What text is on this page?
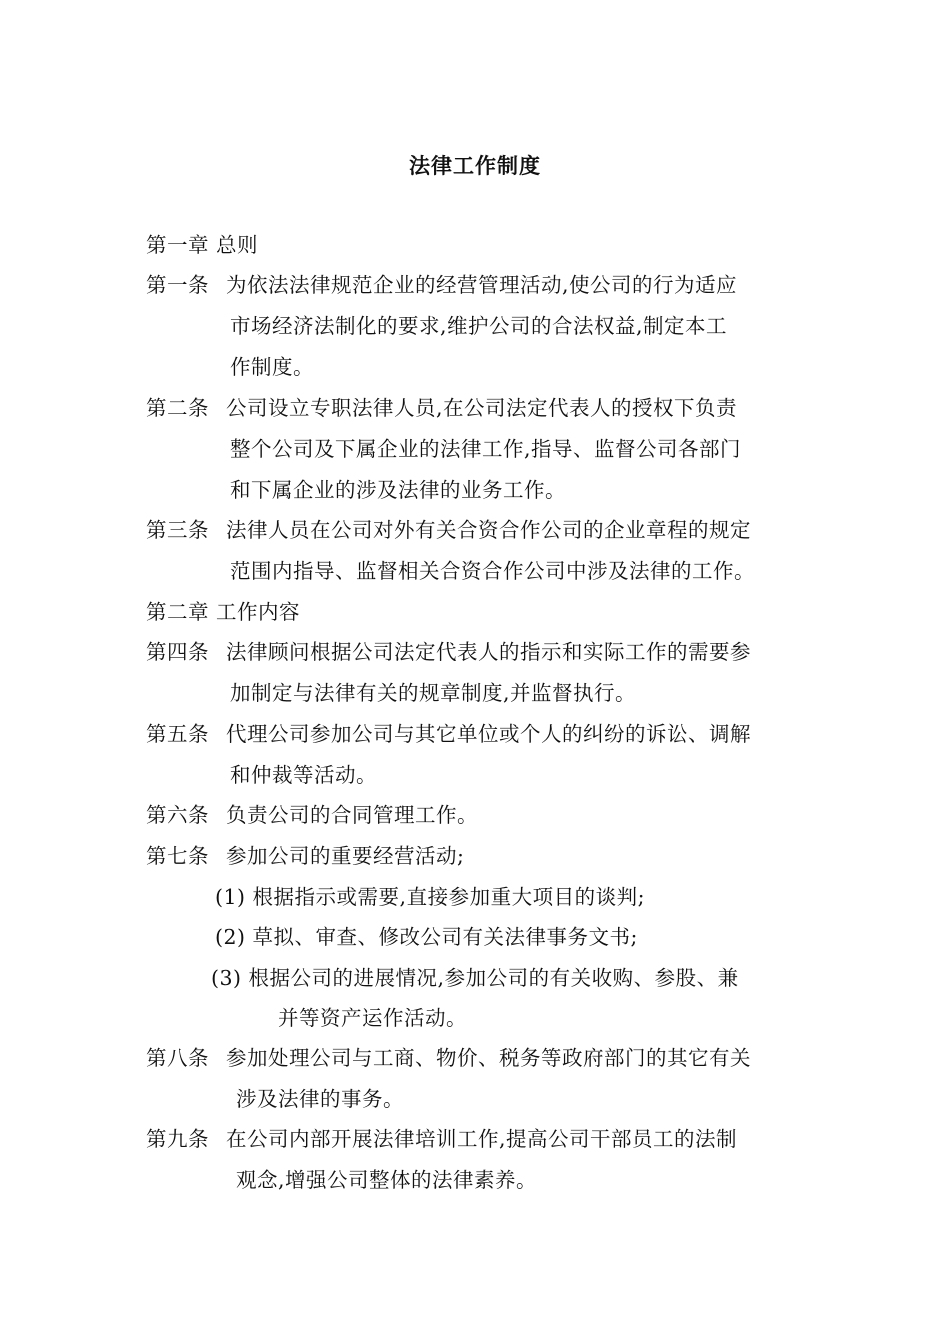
法律工作制度
第一章 总则
第一条 为依法法律规范企业的经营管理活动,使公司的行为适应
市场经济法制化的要求,维护公司的合法权益,制定本工
作制度。
第二条 公司设立专职法律人员,在公司法定代表人的授权下负责
整个公司及下属企业的法律工作,指导、监督公司各部门
和下属企业的涉及法律的业务工作。
第三条 法律人员在公司对外有关合资合作公司的企业章程的规定
范围内指导、监督相关合资合作公司中涉及法律的工作。
第二章 工作内容
第四条 法律顾问根据公司法定代表人的指示和实际工作的需要参
加制定与法律有关的规章制度,并监督执行。
第五条 代理公司参加公司与其它单位或个人的纠纷的诉讼、调解
和仲裁等活动。
第六条 负责公司的合同管理工作。
第七条 参加公司的重要经营活动;
(1) 根据指示或需要,直接参加重大项目的谈判;
(2) 草拟、审查、修改公司有关法律事务文书;
(3) 根据公司的进展情况,参加公司的有关收购、参股、兼
并等资产运作活动。
第八条 参加处理公司与工商、物价、税务等政府部门的其它有关
涉及法律的事务。
第九条 在公司内部开展法律培训工作,提高公司干部员工的法制
观念,增强公司整体的法律素养。
